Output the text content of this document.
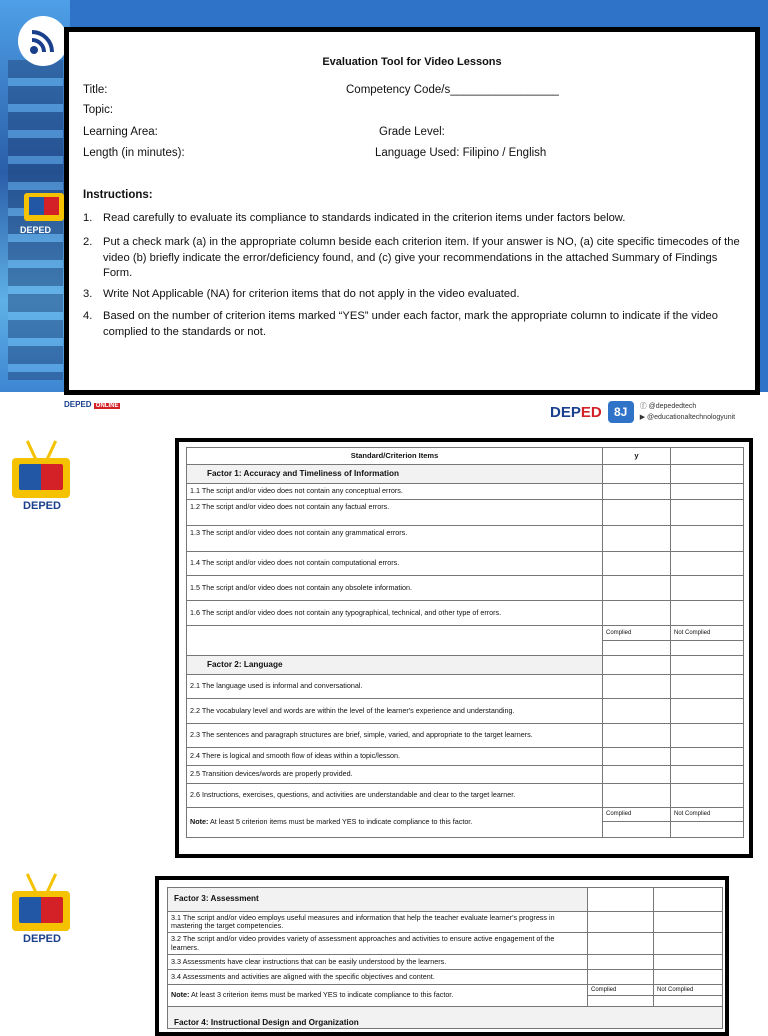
DEPED
DEPED ONLINE	DEPED	8J	ⓕ @depededtech
▶ @educationaltechnologyunit
Evaluation Tool for Video Lessons
Title:	Competency Code/s_________________
Topic:
Learning Area:	Grade Level:
Length (in minutes):	Language Used: Filipino / English
Instructions:
1. Read carefully to evaluate its compliance to standards indicated in the criterion items under factors below.
2. Put a check mark (a) in the appropriate column beside each criterion item. If your answer is NO, (a) cite specific timecodes of the video (b) briefly indicate the error/deficiency found, and (c) give your recommendations in the attached Summary of Findings Form.
3. Write Not Applicable (NA) for criterion items that do not apply in the video evaluated.
4. Based on the number of criterion items marked “YES” under each factor, mark the appropriate column to indicate if the video complied to the standards or not.
DEPED
Standard/Criterion Items	y	
Factor 1: Accuracy and Timeliness of Information		
1.1 The script and/or video does not contain any conceptual errors.		
1.2 The script and/or video does not contain any factual errors.		
1.3 The script and/or video does not contain any grammatical errors.		
1.4 The script and/or video does not contain computational errors.		
1.5 The script and/or video does not contain any obsolete information.		
1.6 The script and/or video does not contain any typographical, technical, and other type of errors.		
	Complied	Not Complied

Factor 2: Language		
2.1 The language used is informal and conversational.		
2.2 The vocabulary level and words are within the level of the learner's experience and understanding.		
2.3 The sentences and paragraph structures are brief, simple, varied, and appropriate to the target learners.		
2.4 There is logical and smooth flow of ideas within a topic/lesson.		
2.5 Transition devices/words are properly provided.		
2.6 Instructions, exercises, questions, and activities are understandable and clear to the target learner.		
Note: At least 5 criterion items must be marked YES to indicate compliance to this factor.	Complied	Not Complied

DEPED
Factor 3: Assessment		
3.1 The script and/or video employs useful measures and information that help the teacher evaluate learner's progress in mastering the target competencies.		
3.2 The script and/or video provides variety of assessment approaches and activities to ensure active engagement of the learners.		
3.3 Assessments have clear instructions that can be easily understood by the learners.		
3.4 Assessments and activities are aligned with the specific objectives and content.		
Note: At least 3 criterion items must be marked YES to indicate compliance to this factor.	Complied	Not Complied

Factor 4: Instructional Design and Organization		
